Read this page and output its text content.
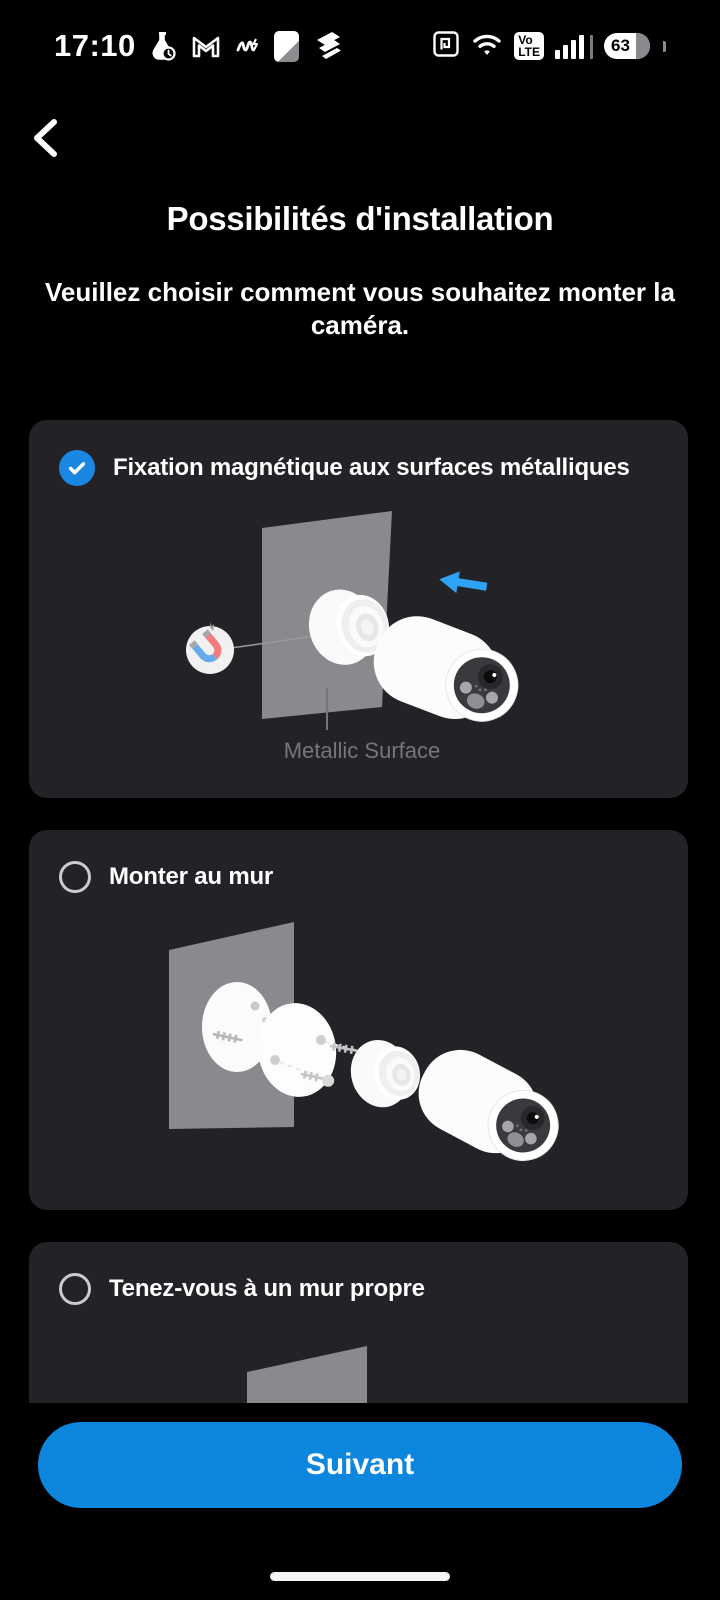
17:10	Vo
LTE	63
Possibilités d'installation
Veuillez choisir comment vous souhaitez monter la caméra.
Fixation magnétique aux surfaces métalliques
Metallic Surface
Monter au mur
Tenez-vous à un mur propre
Suivant
